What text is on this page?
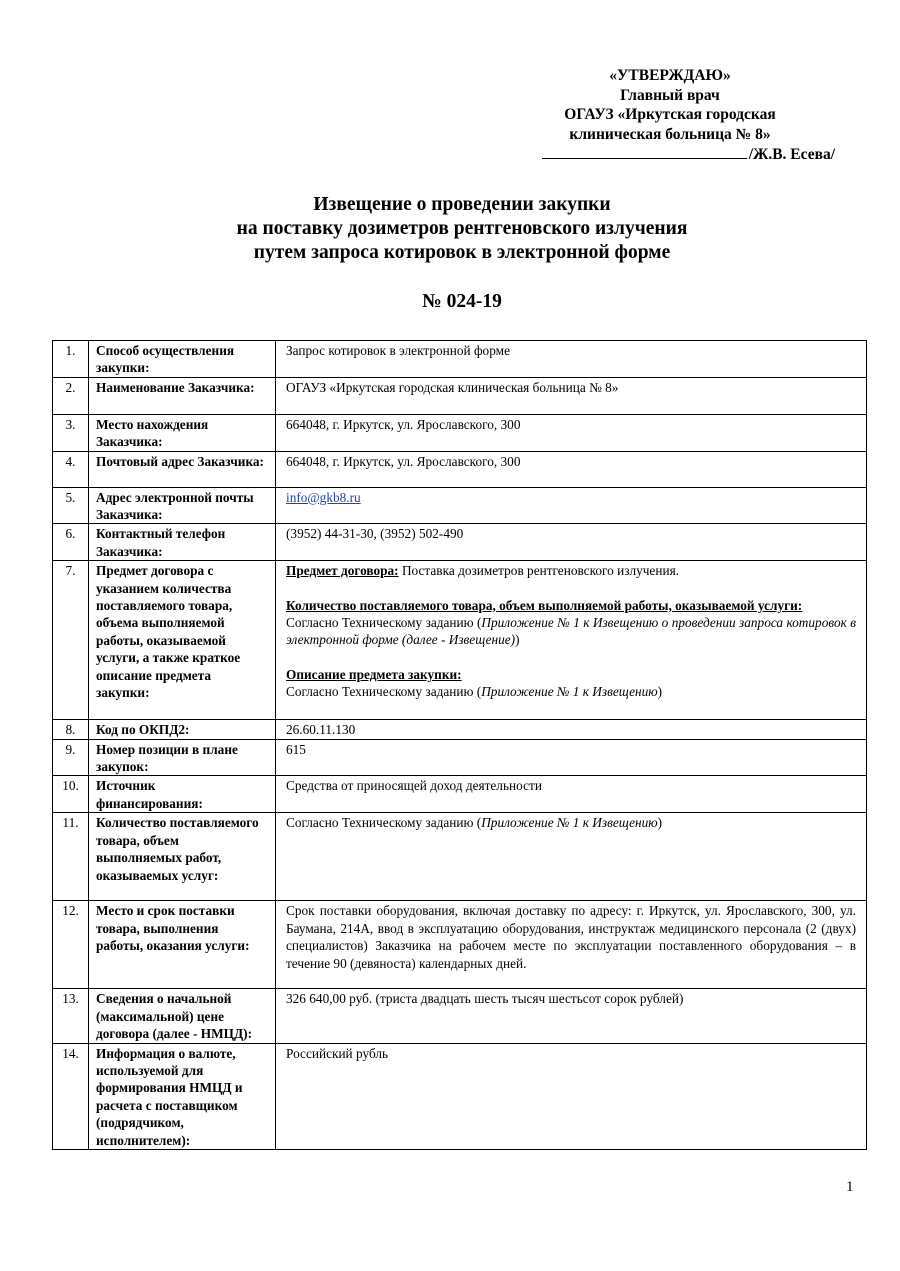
«УТВЕРЖДАЮ»
Главный врач
ОГАУЗ «Иркутская городская
клиническая больница № 8»
/Ж.В. Есева/
Извещение о проведении закупки
на поставку дозиметров рентгеновского излучения
путем запроса котировок в электронной форме
№ 024-19
1.	Способ осуществления закупки:	Запрос котировок в электронной форме
2.	Наименование Заказчика:	ОГАУЗ «Иркутская городская клиническая больница № 8»
3.	Место нахождения Заказчика:	664048, г. Иркутск, ул. Ярославского, 300
4.	Почтовый адрес Заказчика:	664048, г. Иркутск, ул. Ярославского, 300
5.	Адрес электронной почты Заказчика:	info@gkb8.ru
6.	Контактный телефон Заказчика:	(3952) 44-31-30, (3952) 502-490
7.	Предмет договора с указанием количества поставляемого товара, объема выполняемой работы, оказываемой услуги, а также краткое описание предмета закупки:	Предмет договора: Поставка дозиметров рентгеновского излучения.
Количество поставляемого товара, объем выполняемой работы, оказываемой услуги:
Согласно Техническому заданию (Приложение № 1 к Извещению о проведении запроса котировок в электронной форме (далее - Извещение))
Описание предмета закупки:
Согласно Техническому заданию (Приложение № 1 к Извещению)

8.	Код по ОКПД2:	26.60.11.130
9.	Номер позиции в плане закупок:	615
10.	Источник финансирования:	Средства от приносящей доход деятельности
11.	Количество поставляемого товара, объем выполняемых работ, оказываемых услуг:	Согласно Техническому заданию (Приложение № 1 к Извещению)
12.	Место и срок поставки товара, выполнения работы, оказания услуги:	Срок поставки оборудования, включая доставку по адресу: г. Иркутск, ул. Ярославского, 300, ул. Баумана, 214А, ввод в эксплуатацию оборудования, инструктаж медицинского персонала (2 (двух) специалистов) Заказчика на рабочем месте по эксплуатации поставленного оборудования – в течение 90 (девяноста) календарных дней.
13.	Сведения о начальной (максимальной) цене договора (далее - НМЦД):	326 640,00 руб. (триста двадцать шесть тысяч шестьсот сорок рублей)
14.	Информация о валюте, используемой для формирования НМЦД и расчета с поставщиком (подрядчиком, исполнителем):	Российский рубль
1
